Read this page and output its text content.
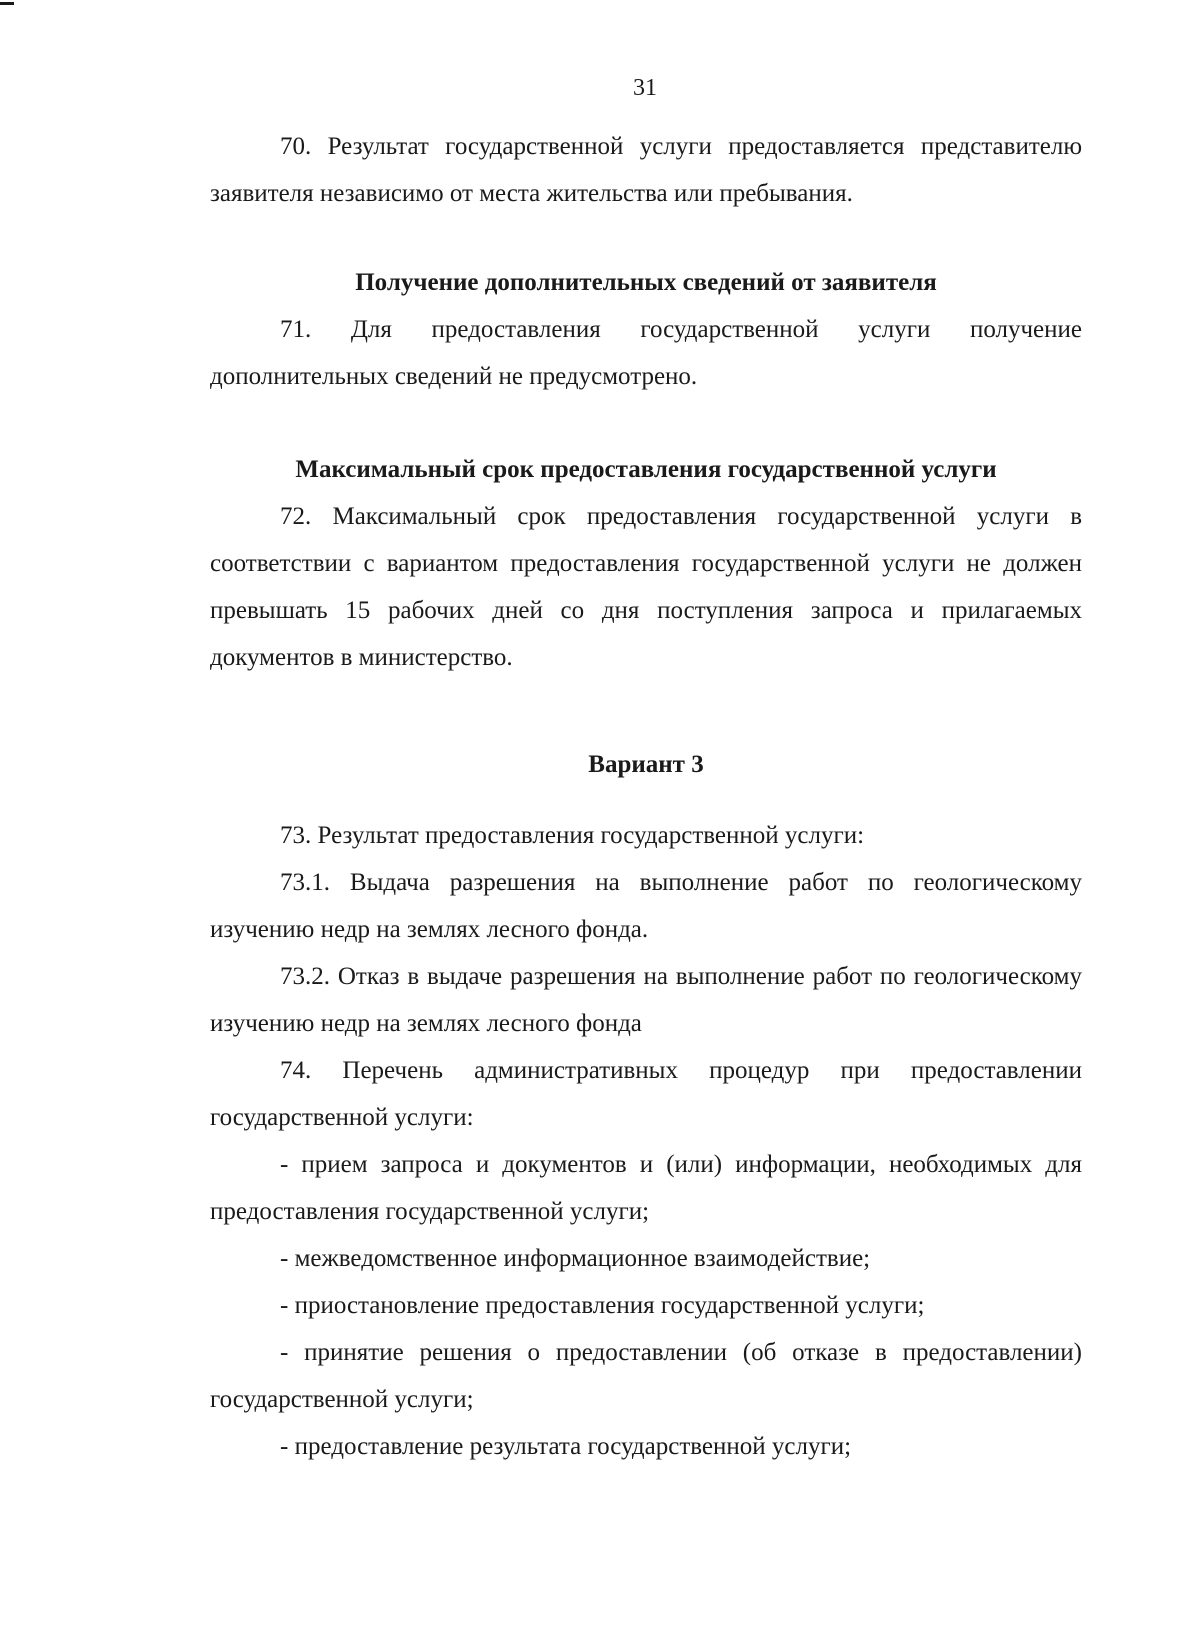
31

70. Результат государственной услуги предоставляется представителю заявителя независимо от места жительства или пребывания.

Получение дополнительных сведений от заявителя

71. Для предоставления государственной услуги получение дополнительных сведений не предусмотрено.

Максимальный срок предоставления государственной услуги

72. Максимальный срок предоставления государственной услуги в соответствии с вариантом предоставления государственной услуги не должен превышать 15 рабочих дней со дня поступления запроса и прилагаемых документов в министерство.

Вариант 3

73. Результат предоставления государственной услуги:

73.1. Выдача разрешения на выполнение работ по геологическому изучению недр на землях лесного фонда.

73.2. Отказ в выдаче разрешения на выполнение работ по геологическому изучению недр на землях лесного фонда

74. Перечень административных процедур при предоставлении государственной услуги:

- прием запроса и документов и (или) информации, необходимых для предоставления государственной услуги;

- межведомственное информационное взаимодействие;

- приостановление предоставления государственной услуги;

- принятие решения о предоставлении (об отказе в предоставлении) государственной услуги;

- предоставление результата государственной услуги;
